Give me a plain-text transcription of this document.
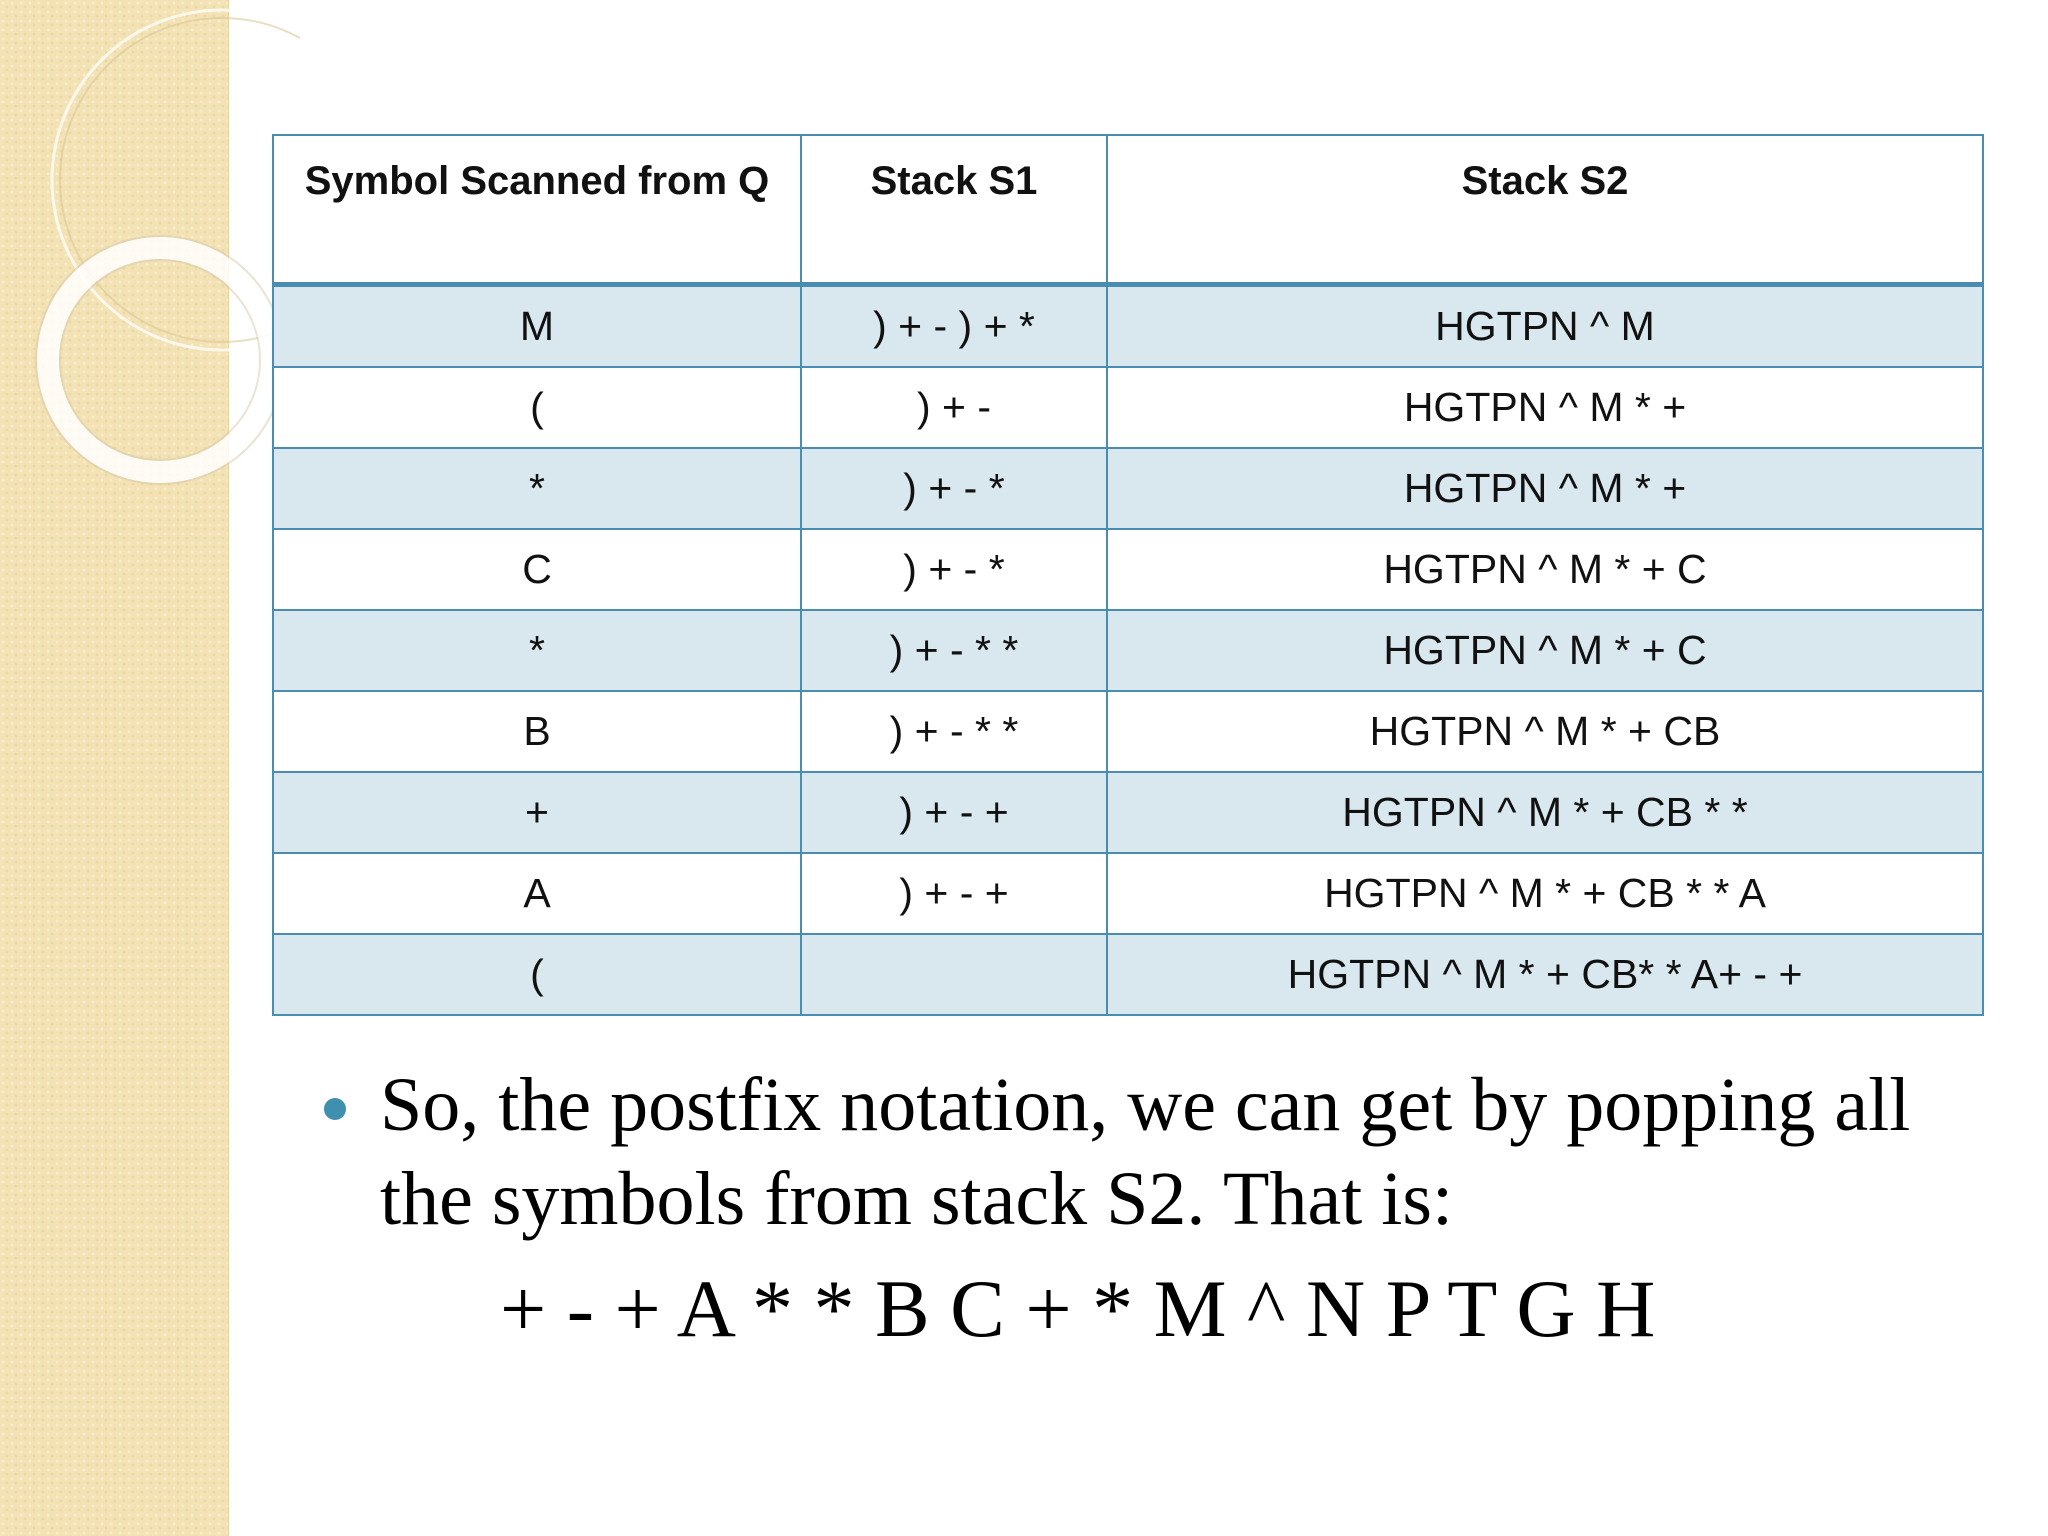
Symbol Scanned from Q	Stack S1	Stack S2
M	) + - ) + *	HGTPN ^ M
(	) + -	HGTPN ^ M * +
*	) + - *	HGTPN ^ M * +
C	) + - *	HGTPN ^ M * + C
*	) + - * *	HGTPN ^ M * + C
B	) + - * *	HGTPN ^ M * + CB
+	) + - +	HGTPN ^ M * + CB * *
A	) + - +	HGTPN ^ M * + CB * * A
(		HGTPN ^ M * + CB* * A+ - +
So, the postfix notation, we can get by popping all the symbols from stack S2. That is:
+ - + A * * B C + * M ^ N P T G H
